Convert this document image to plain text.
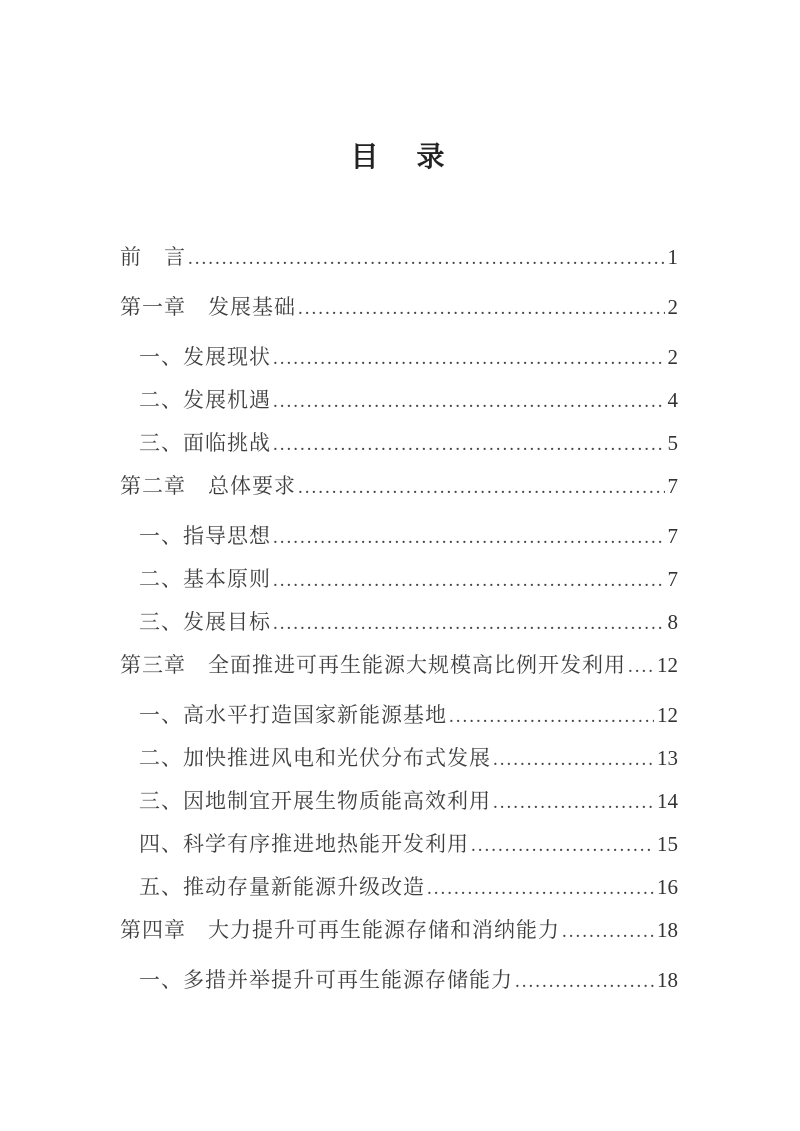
目　录
前　言 .....	1
第一章　发展基础 .....	2
一、发展现状 .....	2
二、发展机遇 .....	4
三、面临挑战 .....	5
第二章　总体要求 .....	7
一、指导思想 .....	7
二、基本原则 .....	7
三、发展目标 .....	8
第三章　全面推进可再生能源大规模高比例开发利用 ..... 12
一、高水平打造国家新能源基地 .....	12
二、加快推进风电和光伏分布式发展 .....	13
三、因地制宜开展生物质能高效利用 .....	14
四、科学有序推进地热能开发利用 .....	15
五、推动存量新能源升级改造 .....	16
第四章　大力提升可再生能源存储和消纳能力 .....	18
一、多措并举提升可再生能源存储能力 .....	18
